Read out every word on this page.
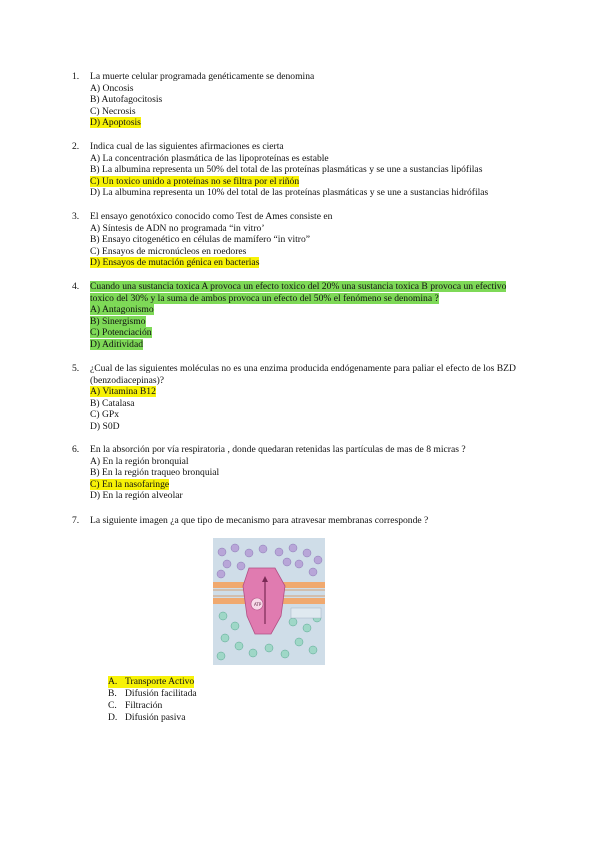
1. La muerte celular programada genéticamente se denomina
A) Oncosis
B) Autofagocitosis
C) Necrosis
D) Apoptosis
2. Indica cual de las siguientes afirmaciones es cierta
A) La concentración plasmática de las lipoproteínas es estable
B) La albumina representa un 50% del total de las proteínas plasmáticas y se une a sustancias lipófilas
C) Un toxico unido a proteínas no se filtra por el riñón
D) La albumina representa un 10% del total de las proteínas plasmáticas y se une a sustancias hidrófilas
3. El ensayo genotóxico conocido como Test de Ames consiste en
A) Síntesis de ADN no programada “in vitro’
B) Ensayo citogenético en células de mamífero “in vitro”
C) Ensayos de micronúcleos en roedores
D) Ensayos de mutación génica en bacterias
4. Cuando una sustancia toxica A provoca un efecto toxico del 20% una sustancia toxica B provoca un efectivo toxico del 30% y la suma de ambos provoca un efecto del 50% el fenómeno se denomina ?
A) Antagonismo
B) Sinergismo
C) Potenciación
D) Aditividad
5. ¿Cual de las siguientes moléculas no es una enzima producida endógenamente para paliar el efecto de los BZD (benzodiacepinas)?
A) Vitamina B12
B) Catalasa
C) GPx
D) S0D
6. En la absorción por vía respiratoria , donde quedaran retenidas las partículas de mas de 8 micras ?
A) En la región bronquial
B) En la región traqueo bronquial
C) En la nasofaringe
D) En la región alveolar
7. La siguiente imagen ¿a que tipo de mecanismo para atravesar membranas corresponde ?
ATP
A. Transporte Activo
B. Difusión facilitada
C. Filtración
D. Difusión pasiva
